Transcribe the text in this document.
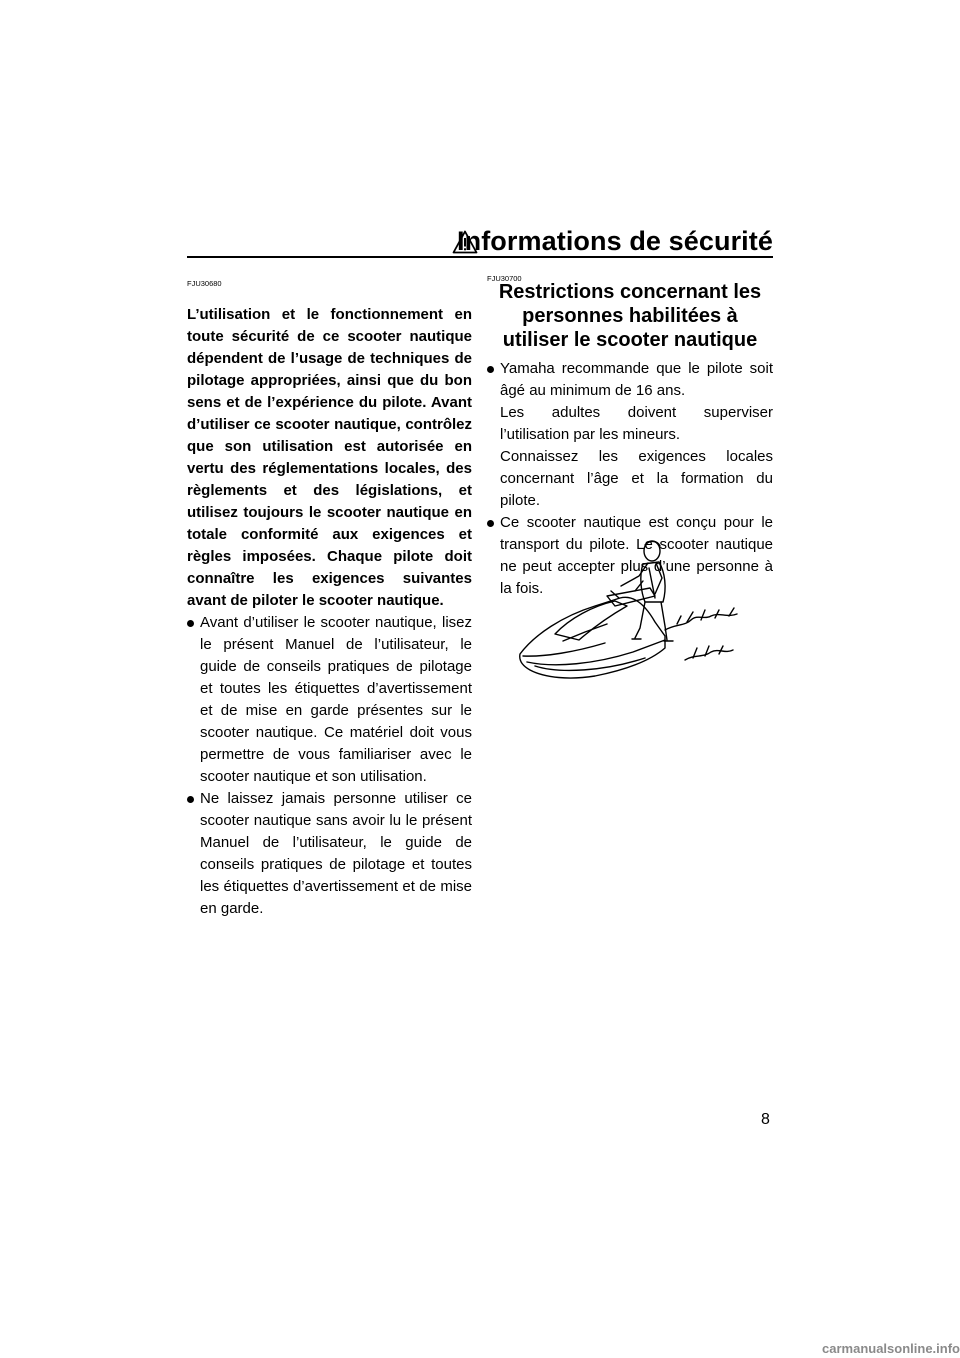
Informations de sécurité
FJU30680
FJU30700

L’utilisation et le fonctionnement en toute sécurité de ce scooter nautique dépendent de l’usage de techniques de pilotage appropriées, ainsi que du bon sens et de l’expérience du pilote. Avant d’utiliser ce scooter nautique, contrôlez que son utilisation est autorisée en vertu des réglementations locales, des règlements et des législations, et utilisez toujours le scooter nautique en totale conformité aux exigences et règles imposées. Chaque pilote doit connaître les exigences suivantes avant de piloter le scooter nautique.

Avant d’utiliser le scooter nautique, lisez le présent Manuel de l’utilisateur, le guide de conseils pratiques de pilotage et toutes les étiquettes d’avertissement et de mise en garde présentes sur le scooter nautique. Ce matériel doit vous permettre de vous familiariser avec le scooter nautique et son utilisation.
Ne laissez jamais personne utiliser ce scooter nautique sans avoir lu le présent Manuel de l’utilisateur, le guide de conseils pratiques de pilotage et toutes les étiquettes d’avertissement et de mise en garde.
Restrictions concernant les personnes habilitées à utiliser le scooter nautique

Yamaha recommande que le pilote soit âgé au minimum de 16 ans.

Les adultes doivent superviser l’utilisation par les mineurs.

Connaissez les exigences locales concernant l’âge et la formation du pilote.

Ce scooter nautique est conçu pour le transport du pilote. Le scooter nautique ne peut accepter plus d’une personne à la fois.

8
carmanualsonline.info
